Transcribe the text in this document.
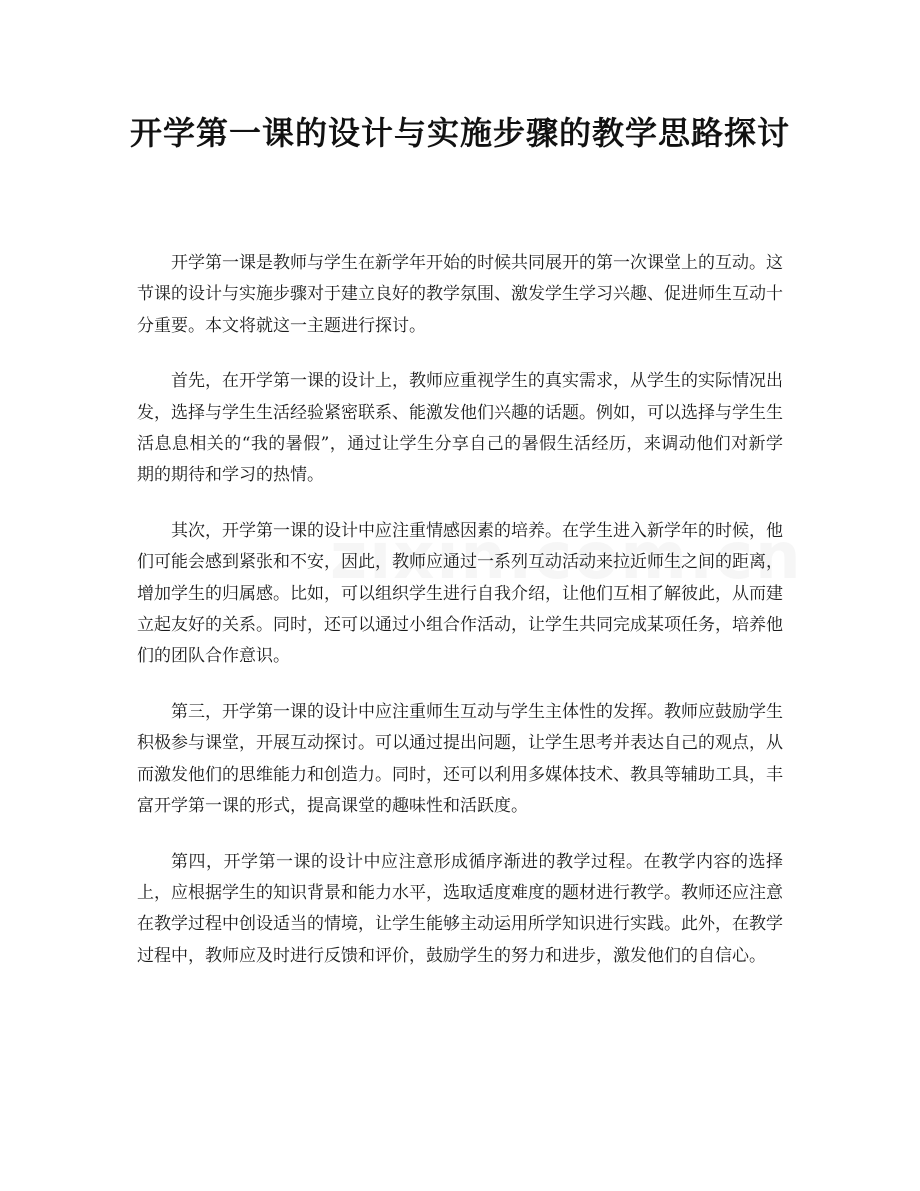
开学第一课的设计与实施步骤的教学思路探讨

开学第一课是教师与学生在新学年开始的时候共同展开的第一次课堂上的互动。这节课的设计与实施步骤对于建立良好的教学氛围、激发学生学习兴趣、促进师生互动十分重要。本文将就这一主题进行探讨。

首先，在开学第一课的设计上，教师应重视学生的真实需求，从学生的实际情况出发，选择与学生生活经验紧密联系、能激发他们兴趣的话题。例如，可以选择与学生生活息息相关的“我的暑假”，通过让学生分享自己的暑假生活经历，来调动他们对新学期的期待和学习的热情。

其次，开学第一课的设计中应注重情感因素的培养。在学生进入新学年的时候，他们可能会感到紧张和不安，因此，教师应通过一系列互动活动来拉近师生之间的距离，增加学生的归属感。比如，可以组织学生进行自我介绍，让他们互相了解彼此，从而建立起友好的关系。同时，还可以通过小组合作活动，让学生共同完成某项任务，培养他们的团队合作意识。

第三，开学第一课的设计中应注重师生互动与学生主体性的发挥。教师应鼓励学生积极参与课堂，开展互动探讨。可以通过提出问题，让学生思考并表达自己的观点，从而激发他们的思维能力和创造力。同时，还可以利用多媒体技术、教具等辅助工具，丰富开学第一课的形式，提高课堂的趣味性和活跃度。

第四，开学第一课的设计中应注意形成循序渐进的教学过程。在教学内容的选择上，应根据学生的知识背景和能力水平，选取适度难度的题材进行教学。教师还应注意在教学过程中创设适当的情境，让学生能够主动运用所学知识进行实践。此外，在教学过程中，教师应及时进行反馈和评价，鼓励学生的努力和进步，激发他们的自信心。
